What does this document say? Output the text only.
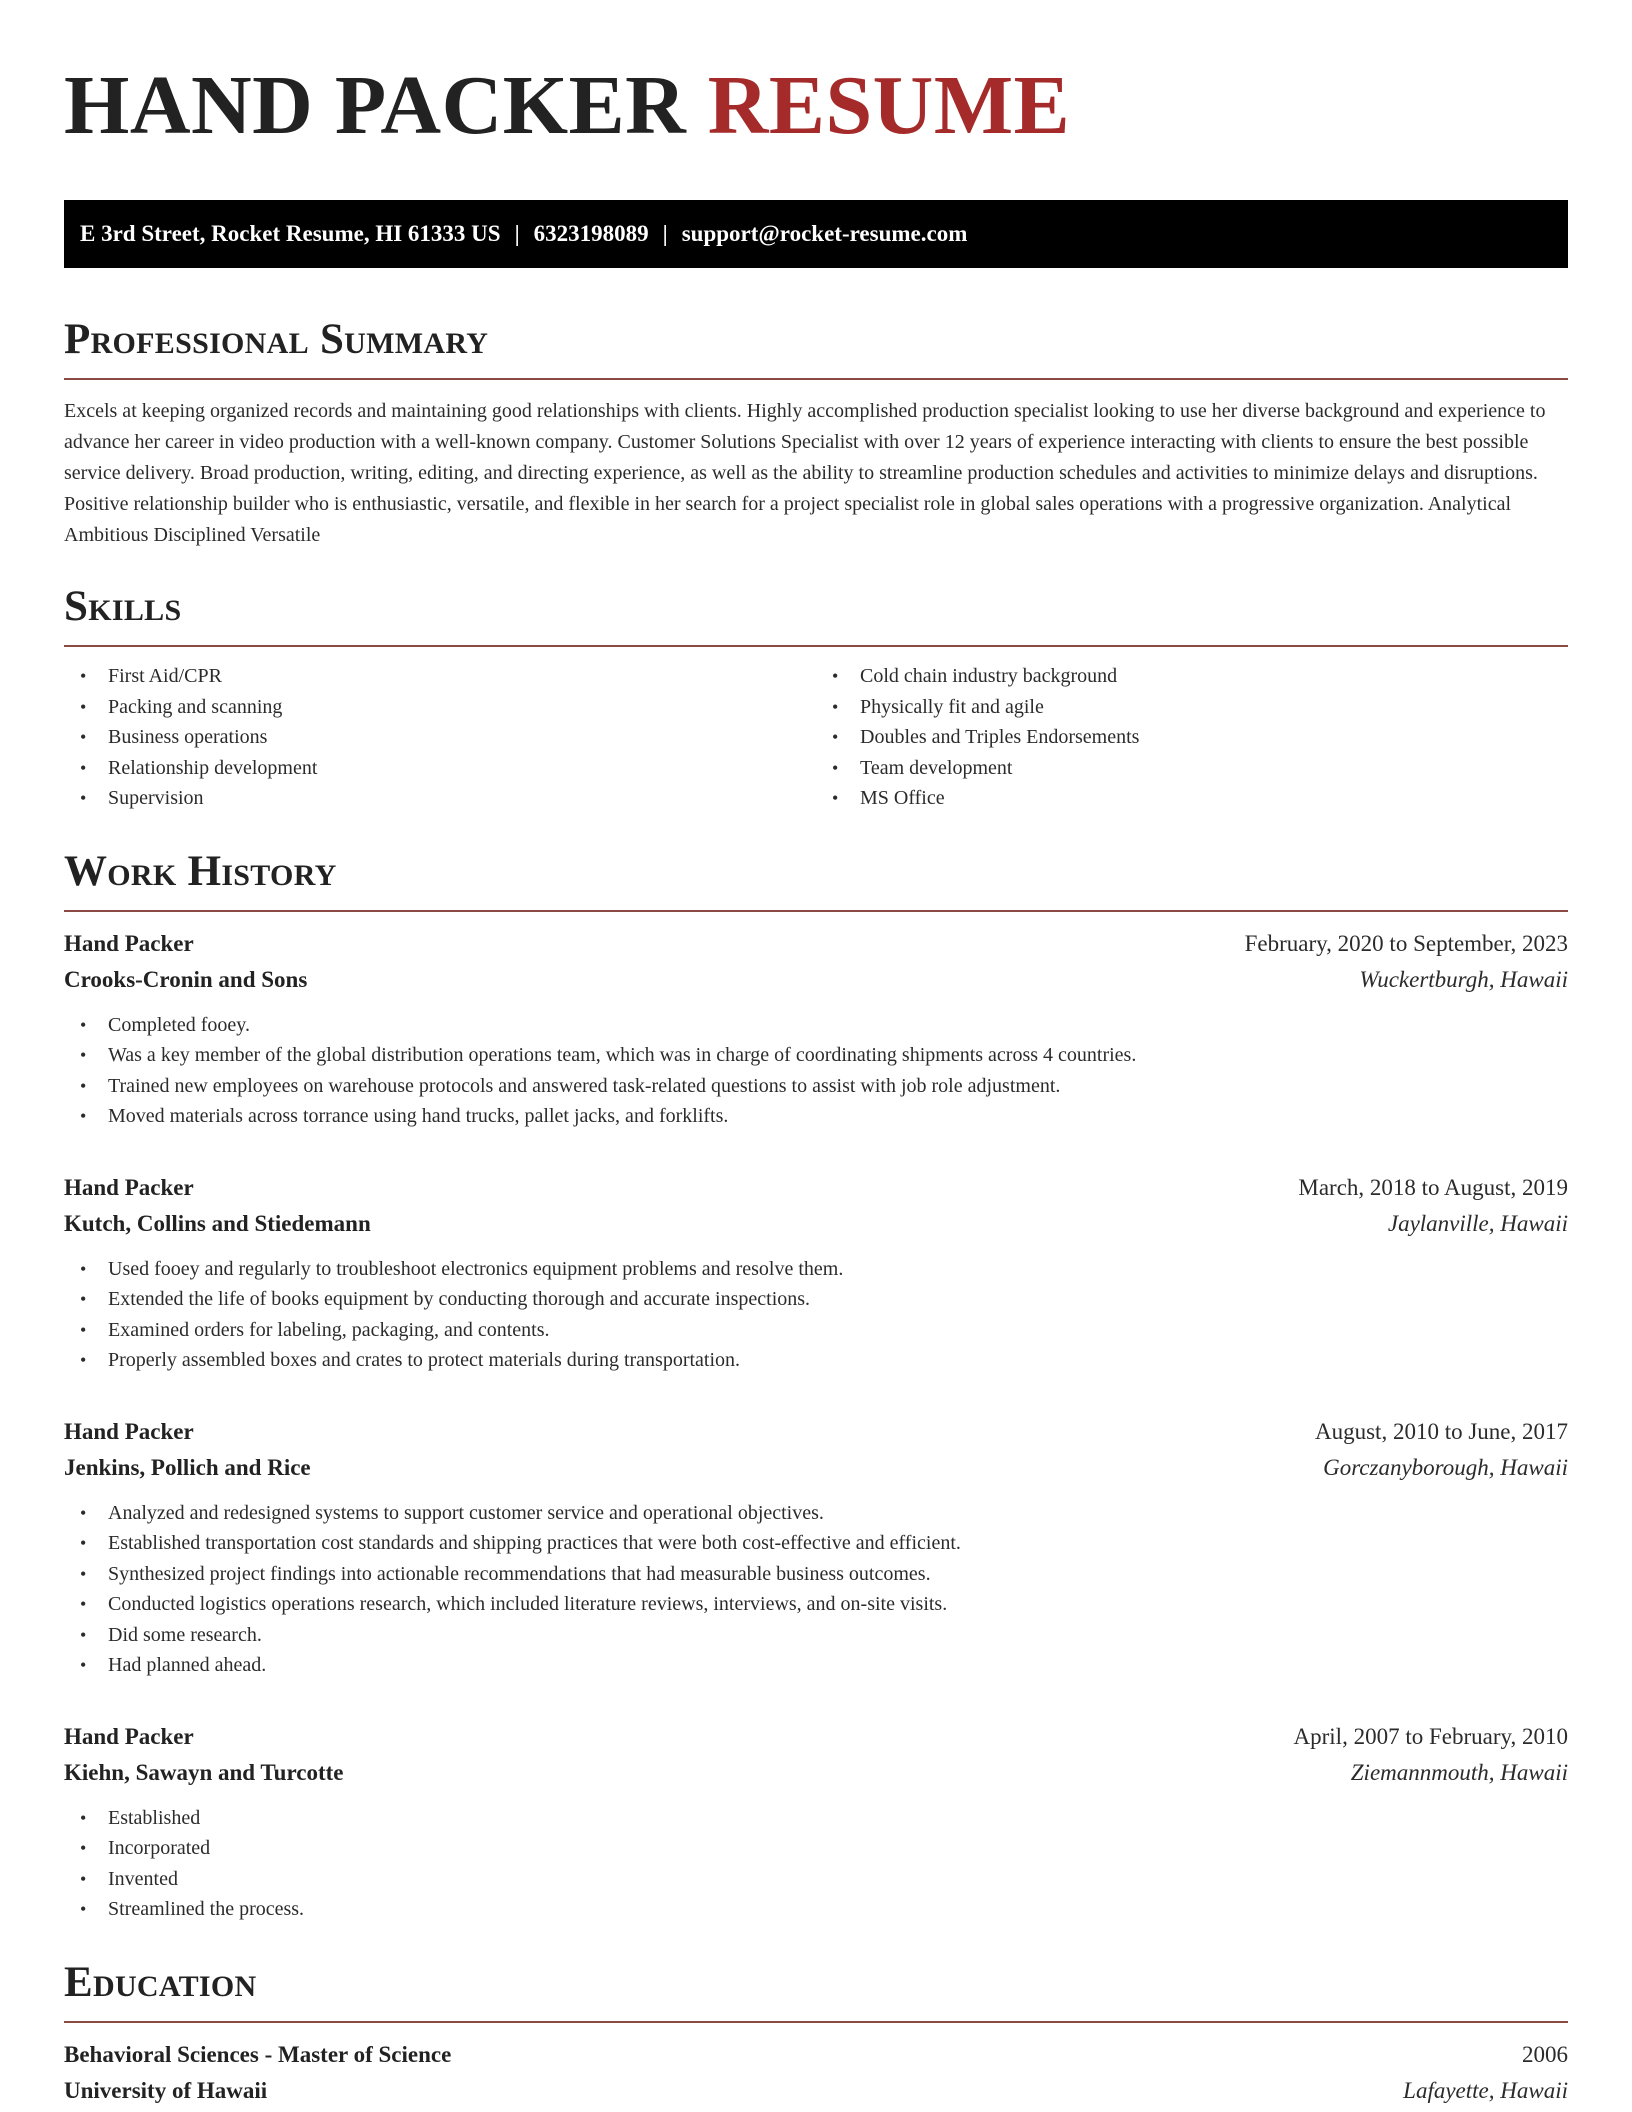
HAND PACKER RESUME
E 3rd Street, Rocket Resume, HI 61333 US | 6323198089 | support@rocket-resume.com
Professional Summary

Excels at keeping organized records and maintaining good relationships with clients. Highly accomplished production specialist looking to use her diverse background and experience to advance her career in video production with a well-known company. Customer Solutions Specialist with over 12 years of experience interacting with clients to ensure the best possible service delivery. Broad production, writing, editing, and directing experience, as well as the ability to streamline production schedules and activities to minimize delays and disruptions. Positive relationship builder who is enthusiastic, versatile, and flexible in her search for a project specialist role in global sales operations with a progressive organization. Analytical Ambitious Disciplined Versatile

Skills
• First Aid/CPR
• Packing and scanning
• Business operations
• Relationship development
• Supervision
• Cold chain industry background
• Physically fit and agile
• Doubles and Triples Endorsements
• Team development
• MS Office
Work History
Hand Packer	February, 2020 to September, 2023
Crooks-Cronin and Sons	Wuckertburgh, Hawaii
• Completed fooey.
• Was a key member of the global distribution operations team, which was in charge of coordinating shipments across 4 countries.
• Trained new employees on warehouse protocols and answered task-related questions to assist with job role adjustment.
• Moved materials across torrance using hand trucks, pallet jacks, and forklifts.
Hand Packer	March, 2018 to August, 2019
Kutch, Collins and Stiedemann	Jaylanville, Hawaii
• Used fooey and regularly to troubleshoot electronics equipment problems and resolve them.
• Extended the life of books equipment by conducting thorough and accurate inspections.
• Examined orders for labeling, packaging, and contents.
• Properly assembled boxes and crates to protect materials during transportation.
Hand Packer	August, 2010 to June, 2017
Jenkins, Pollich and Rice	Gorczanyborough, Hawaii
• Analyzed and redesigned systems to support customer service and operational objectives.
• Established transportation cost standards and shipping practices that were both cost-effective and efficient.
• Synthesized project findings into actionable recommendations that had measurable business outcomes.
• Conducted logistics operations research, which included literature reviews, interviews, and on-site visits.
• Did some research.
• Had planned ahead.
Hand Packer	April, 2007 to February, 2010
Kiehn, Sawayn and Turcotte	Ziemannmouth, Hawaii
• Established
• Incorporated
• Invented
• Streamlined the process.
Education
Behavioral Sciences - Master of Science	2006
University of Hawaii	Lafayette, Hawaii
